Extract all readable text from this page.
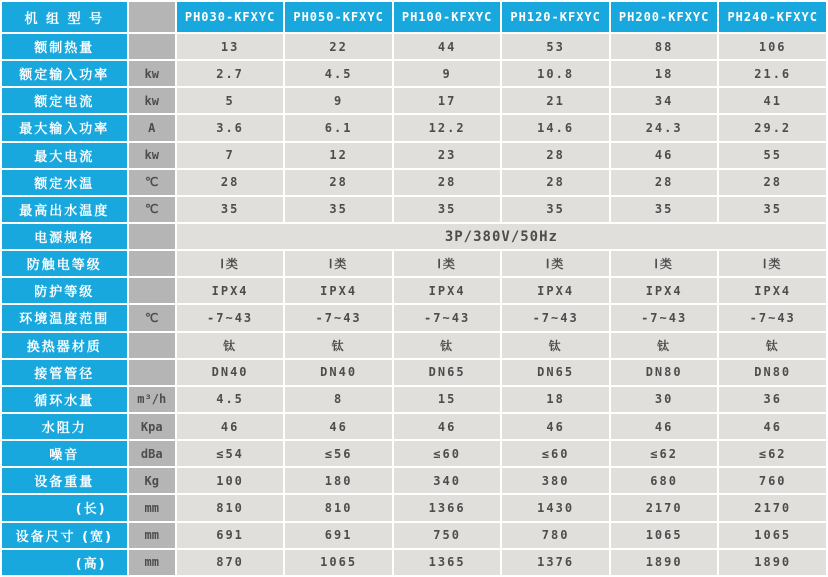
机 组 型 号		PH030-KFXYC	PH050-KFXYC	PH100-KFXYC	PH120-KFXYC	PH200-KFXYC	PH240-KFXYC
额制热量		13	22	44	53	88	106
额定输入功率	kw	2.7	4.5	9	10.8	18	21.6
额定电流	kw	5	9	17	21	34	41
最大输入功率	A	3.6	6.1	12.2	14.6	24.3	29.2
最大电流	kw	7	12	23	28	46	55
额定水温	℃	28	28	28	28	28	28
最高出水温度	℃	35	35	35	35	35	35
电源规格		3P/380V/50Hz					
防触电等级		Ⅰ类	Ⅰ类	Ⅰ类	Ⅰ类	Ⅰ类	Ⅰ类
防护等级		IPX4	IPX4	IPX4	IPX4	IPX4	IPX4
环境温度范围	℃	-7~43	-7~43	-7~43	-7~43	-7~43	-7~43
换热器材质		钛	钛	钛	钛	钛	钛
接管管径		DN40	DN40	DN65	DN65	DN80	DN80
循环水量	m³/h	4.5	8	15	18	30	36
水阻力	Kpa	46	46	46	46	46	46
噪音	dBa	≤54	≤56	≤60	≤60	≤62	≤62
设备重量	Kg	100	180	340	380	680	760
(长)	mm	810	810	1366	1430	2170	2170
设备尺寸 (宽)	mm	691	691	750	780	1065	1065
(高)	mm	870	1065	1365	1376	1890	1890
